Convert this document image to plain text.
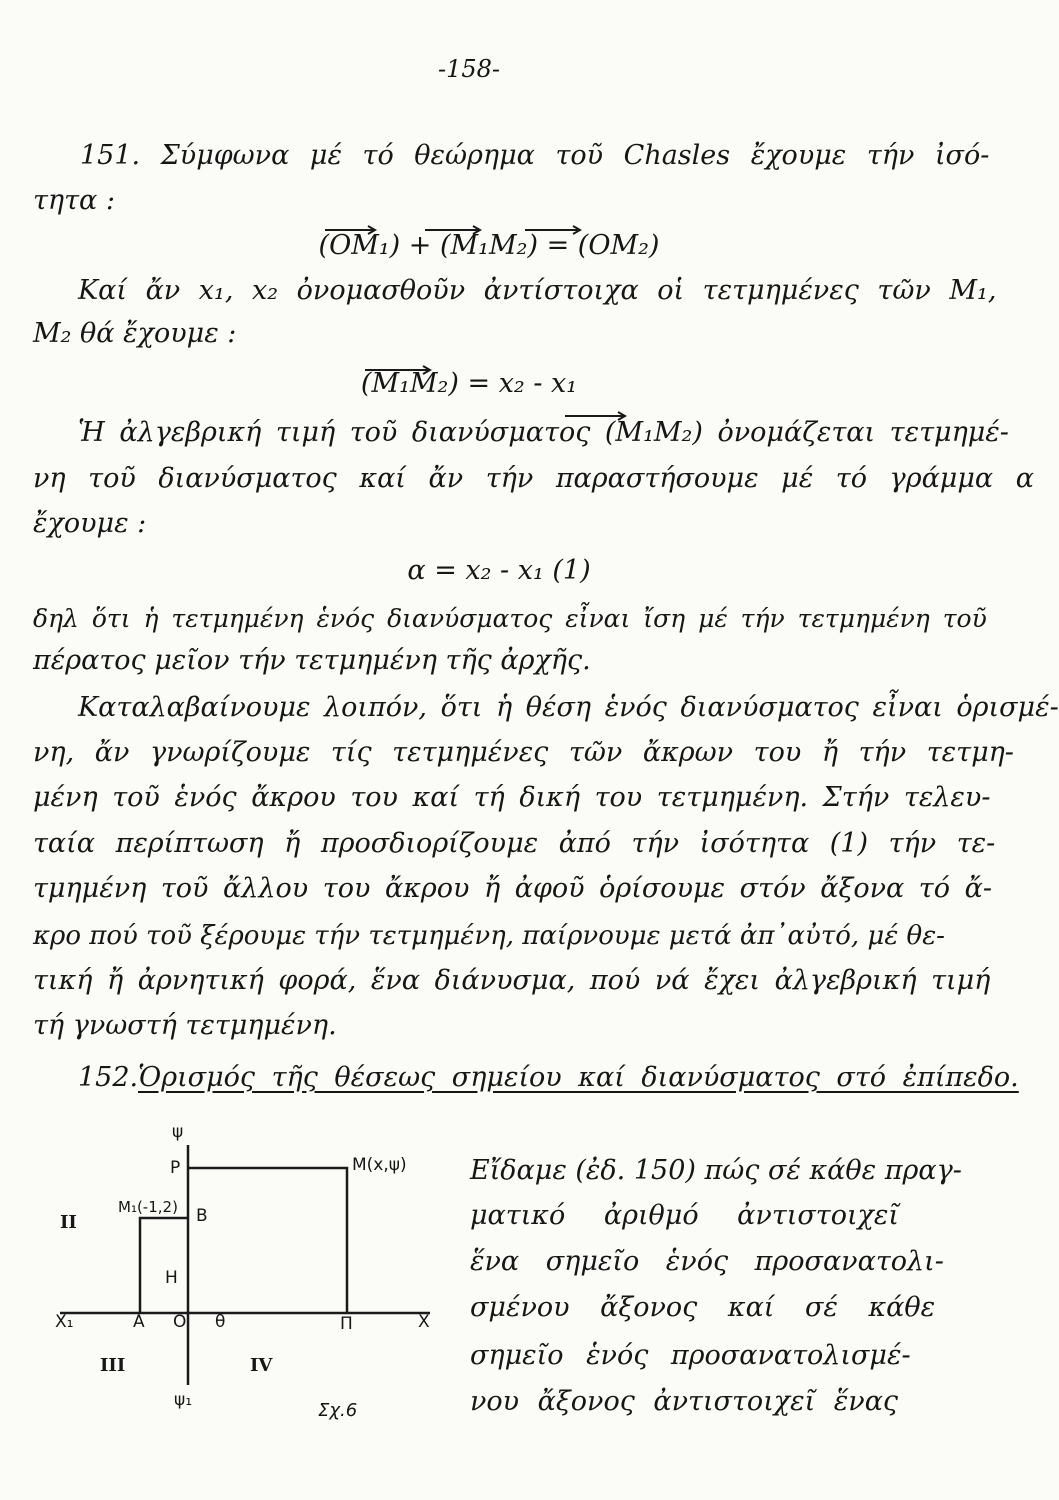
-158-
151. Σύμφωνα μέ τό θεώρημα τοῦ Chasles ἔχουμε τήν ἰσό-
τητα :
(OM₁) + (M₁M₂) = (OM₂)
Καί ἄν x₁, x₂ ὀνομασθοῦν ἀντίστοιχα οἱ τετμημένες τῶν M₁,
M₂ θά ἔχουμε :
(M₁M₂) = x₂ - x₁
Ἡ ἀλγεβρική τιμή τοῦ διανύσματος (M₁M₂) ὀνομάζεται τετμημέ-
νη τοῦ διανύσματος καί ἄν τήν παραστήσουμε μέ τό γράμμα α
ἔχουμε :
α = x₂ - x₁ (1)
δηλ ὅτι ἡ τετμημένη ἑνός διανύσματος εἶναι ἴση μέ τήν τετμημένη τοῦ
πέρατος μεῖον τήν τετμημένη τῆς ἀρχῆς.
Καταλαβαίνουμε λοιπόν, ὅτι ἡ θέση ἑνός διανύσματος εἶναι ὁρισμέ-
νη, ἄν γνωρίζουμε τίς τετμημένες τῶν ἄκρων του ἤ τήν τετμη-
μένη τοῦ ἑνός ἄκρου του καί τή δική του τετμημένη. Στήν τελευ-
ταία περίπτωση ἤ προσδιορίζουμε ἀπό τήν ἰσότητα (1) τήν τε-
τμημένη τοῦ ἄλλου του ἄκρου ἤ ἀφοῦ ὁρίσουμε στόν ἄξονα τό ἄ-
κρο πού τοῦ ξέρουμε τήν τετμημένη, παίρνουμε μετά ἀπ᾽αὐτό, μέ θε-
τική ἤ ἀρνητική φορά, ἕνα διάνυσμα, πού νά ἔχει ἀλγεβρική τιμή
τή γνωστή τετμημένη.
152. Ὁρισμός τῆς θέσεως σημείου καί διανύσματος στό ἐπίπεδο.
Εἴδαμε (ἐδ. 150) πώς σέ κάθε πραγ-
ματικό ἀριθμό ἀντιστοιχεῖ
ἕνα σημεῖο ἑνός προσανατολι-
σμένου ἄξονος καί σέ κάθε
σημεῖο ἑνός προσανατολισμέ-
νου ἄξονος ἀντιστοιχεῖ ἕνας
ψ
P	M(x,ψ)
M₁(-1,2) B
H
A O θ	Π	X
X₁
ψ₁
II
III	IV
Σχ.6
